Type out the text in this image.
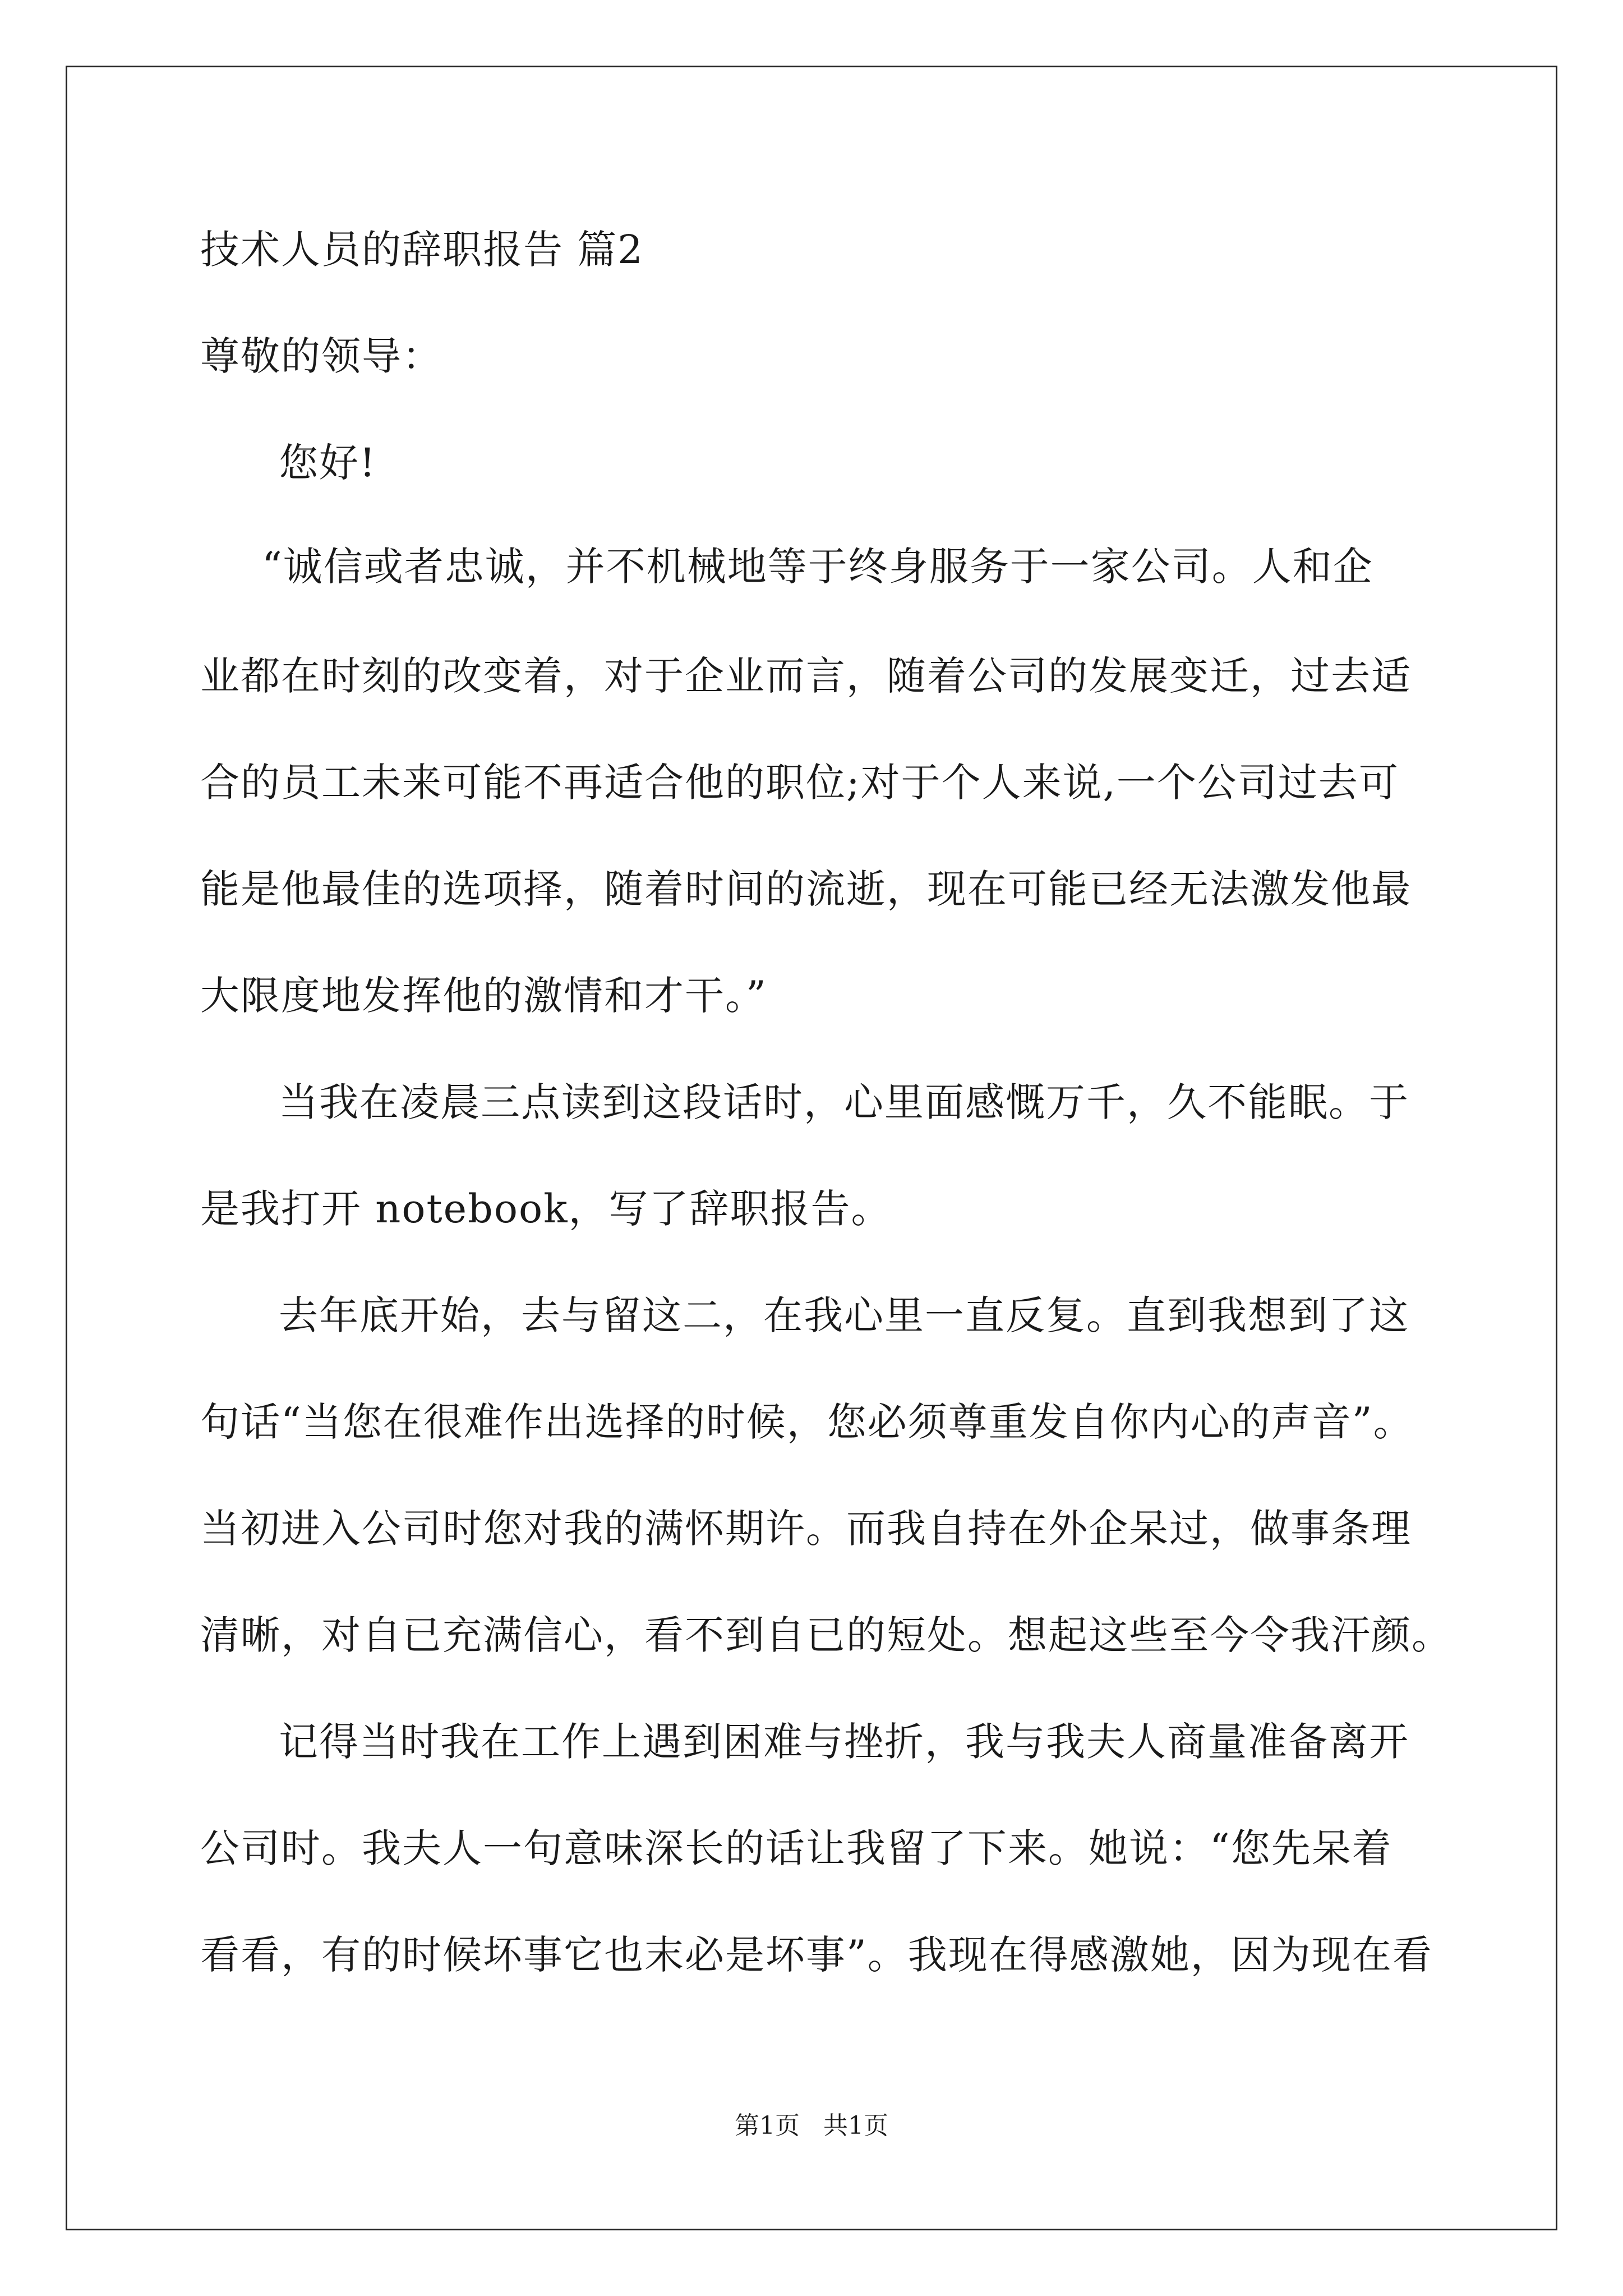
技术人员的辞职报告 篇2
尊敬的领导：
您好!
“诚信或者忠诚，并不机械地等于终身服务于一家公司。人和企
业都在时刻的改变着，对于企业而言，随着公司的发展变迁，过去适
合的员工未来可能不再适合他的职位;对于个人来说,一个公司过去可
能是他最佳的选项择，随着时间的流逝，现在可能已经无法激发他最
大限度地发挥他的激情和才干。”
当我在凌晨三点读到这段话时，心里面感慨万千，久不能眠。于
是我打开 notebook，写了辞职报告。
去年底开始，去与留这二，在我心里一直反复。直到我想到了这
句话“当您在很难作出选择的时候，您必须尊重发自你内心的声音”。
当初进入公司时您对我的满怀期许。而我自持在外企呆过，做事条理
清晰，对自已充满信心，看不到自已的短处。想起这些至今令我汗颜。
记得当时我在工作上遇到困难与挫折，我与我夫人商量准备离开
公司时。我夫人一句意味深长的话让我留了下来。她说：“您先呆着
看看，有的时候坏事它也末必是坏事”。我现在得感激她，因为现在看
第1页   共1页
